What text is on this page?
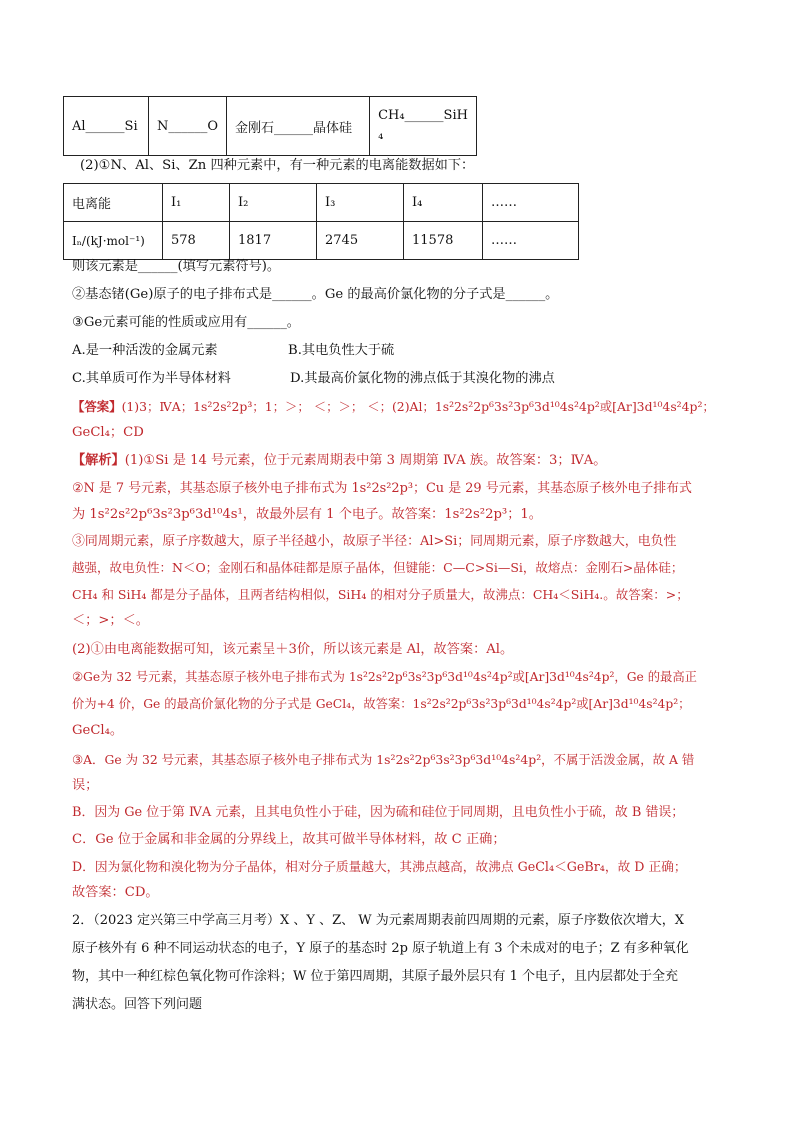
Al______Si	N______O	金刚石______晶体硅	CH₄______SiH
₄
(2)①N、Al、Si、Zn 四种元素中，有一种元素的电离能数据如下：
电离能	I₁	I₂	I₃	I₄	……
Iₙ/(kJ·mol⁻¹)	578	1817	2745	11578	……
则该元素是______(填写元素符号)。
②基态锗(Ge)原子的电子排布式是______。Ge 的最高价氯化物的分子式是______。
③Ge元素可能的性质或应用有______。
A.是一种活泼的金属元素	B.其电负性大于硫
C.其单质可作为半导体材料	D.其最高价氯化物的沸点低于其溴化物的沸点
【答案】(1)3；ⅣA；1s²2s²2p³；1；＞； ＜；＞； ＜；(2)Al；1s²2s²2p⁶3s²3p⁶3d¹⁰4s²4p²或[Ar]3d¹⁰4s²4p²；
GeCl₄；CD
【解析】(1)①Si 是 14 号元素，位于元素周期表中第 3 周期第 ⅣA 族。故答案：3；ⅣA。
②N 是 7 号元素，其基态原子核外电子排布式为 1s²2s²2p³；Cu 是 29 号元素，其基态原子核外电子排布式
为 1s²2s²2p⁶3s²3p⁶3d¹⁰4s¹，故最外层有 1 个电子。故答案：1s²2s²2p³；1。
③同周期元素，原子序数越大，原子半径越小，故原子半径：Al>Si；同周期元素，原子序数越大，电负性
越强，故电负性：N＜O；金刚石和晶体硅都是原子晶体，但键能：C—C>Si—Si，故熔点：金刚石>晶体硅；
CH₄ 和 SiH₄ 都是分子晶体，且两者结构相似，SiH₄ 的相对分子质量大，故沸点：CH₄＜SiH₄.。故答案：>；
＜；>；＜。
(2)①由电离能数据可知，该元素呈＋3价，所以该元素是 Al，故答案：Al。
②Ge为 32 号元素，其基态原子核外电子排布式为 1s²2s²2p⁶3s²3p⁶3d¹⁰4s²4p²或[Ar]3d¹⁰4s²4p²，Ge 的最高正
价为+4 价，Ge 的最高价氯化物的分子式是 GeCl₄，故答案：1s²2s²2p⁶3s²3p⁶3d¹⁰4s²4p²或[Ar]3d¹⁰4s²4p²；
GeCl₄。
③A．Ge 为 32 号元素，其基态原子核外电子排布式为 1s²2s²2p⁶3s²3p⁶3d¹⁰4s²4p²，不属于活泼金属，故 A 错
误；
B．因为 Ge 位于第 ⅣA 元素，且其电负性小于硅，因为硫和硅位于同周期，且电负性小于硫，故 B 错误；
C．Ge 位于金属和非金属的分界线上，故其可做半导体材料，故 C 正确；
D．因为氯化物和溴化物为分子晶体，相对分子质量越大，其沸点越高，故沸点 GeCl₄＜GeBr₄，故 D 正确；
故答案：CD。
2．（2023 定兴第三中学高三月考）X 、Y 、Z、 W 为元素周期表前四周期的元素，原子序数依次增大，X
原子核外有 6 种不同运动状态的电子，Y 原子的基态时 2p 原子轨道上有 3 个未成对的电子；Z 有多种氧化
物，其中一种红棕色氧化物可作涂料；W 位于第四周期，其原子最外层只有 1 个电子，且内层都处于全充
满状态。回答下列问题
